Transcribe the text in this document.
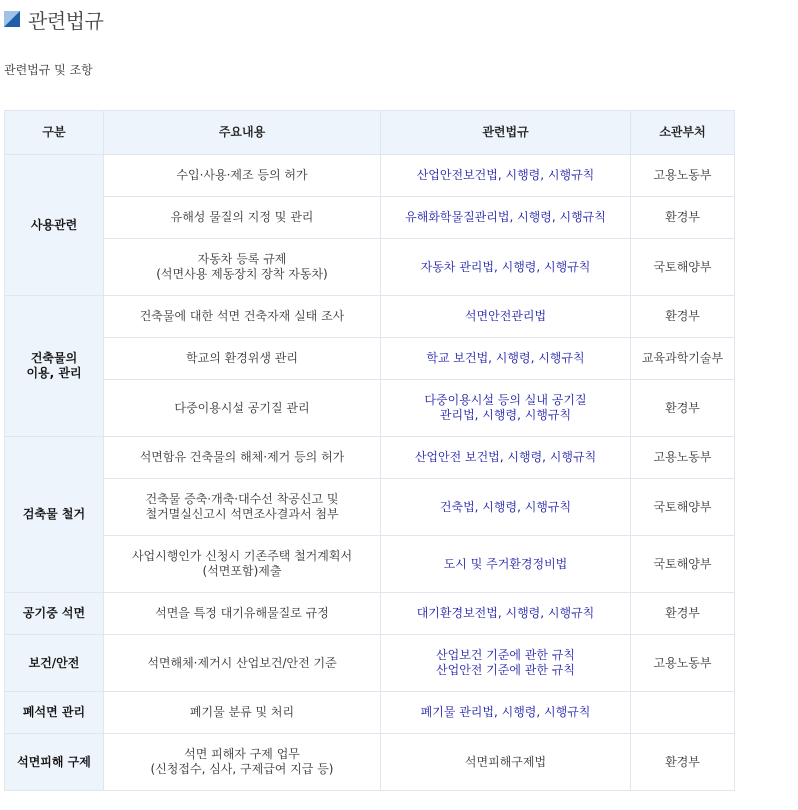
관련법규
관련법규 및 조항
구분	주요내용	관련법규	소관부처
사용관련	수입·사용·제조 등의 허가	산업안전보건법, 시행령, 시행규칙	고용노동부
	유해성 물질의 지정 및 관리	유해화학물질관리법, 시행령, 시행규칙	환경부

	자동차 등록 규제
(석면사용 제동장치 장착 자동차)	자동차 관리법, 시행령, 시행규칙	국토해양부

건축물의
이용, 관리	건축물에 대한 석면 건축자재 실태 조사	석면안전관리법	환경부
	학교의 환경위생 관리	학교 보건법, 시행령, 시행규칙	교육과학기술부
	다중이용시설 공기질 관리	다중이용시설 등의 실내 공기질
관리법, 시행령, 시행규칙	환경부
검축물 철거	석면함유 건축물의 해체·제거 등의 허가	산업안전 보건법, 시행령, 시행규칙	고용노동부

	건축물 증축·개축·대수선 착공신고 및
철거멸실신고시 석면조사결과서 첨부	건축법, 시행령, 시행규칙	국토해양부

	사업시행인가 신청시 기존주택 철거계획서
(석면포함)제출	도시 및 주거환경정비법	국토해양부
공기중 석면	석면을 특정 대기유해물질로 규정	대기환경보전법, 시행령, 시행규칙	환경부
보건/안전	석면해체·제거시 산업보건/안전 기준	산업보건 기준에 관한 규칙
산업안전 기준에 관한 규칙	고용노동부
폐석면 관리	폐기물 분류 및 처리	폐기물 관리법, 시행령, 시행규칙	
석면피해 구제	석면 피해자 구제 업무
(신청접수, 심사, 구제급여 지급 등)	석면피해구제법	환경부
